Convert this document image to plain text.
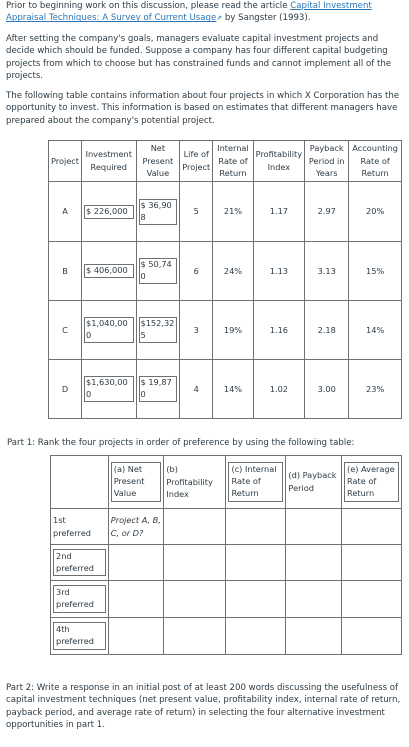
Prior to beginning work on this discussion, please read the article Capital Investment Appraisal Techniques: A Survey of Current Usage⇗ by Sangster (1993).

After setting the company's goals, managers evaluate capital investment projects and decide which should be funded. Suppose a company has four different capital budgeting projects from which to choose but has constrained funds and cannot implement all of the projects.

The following table contains information about four projects in which X Corporation has the opportunity to invest. This information is based on estimates that different managers have prepared about the company's potential project.

Project	Investment Required	Net Present Value	Life of Project	Internal Rate of Return	Profitability Index	Payback Period in Years	Accounting Rate of Return
A	$ 226,000	$ 36,908	5	21%	1.17	2.97	20%
B	$ 406,000	$ 50,740	6	24%	1.13	3.13	15%
C	$1,040,000	$152,325	3	19%	1.16	2.18	14%
D	$1,630,000	$ 19,870	4	14%	1.02	3.00	23%

Part 1: Rank the four projects in order of preference by using the following table:

	(a) Net Present Value	(b) Profitability Index	(c) Internal Rate of Return	(d) Payback Period	(e) Average Rate of Return

1st preferred	Project A, B, C, or D?				

2nd preferred					

3rd preferred					

4th preferred					

Part 2: Write a response in an initial post of at least 200 words discussing the usefulness of capital investment techniques (net present value, profitability index, internal rate of return, payback period, and average rate of return) in selecting the four alternative investment opportunities in part 1.
